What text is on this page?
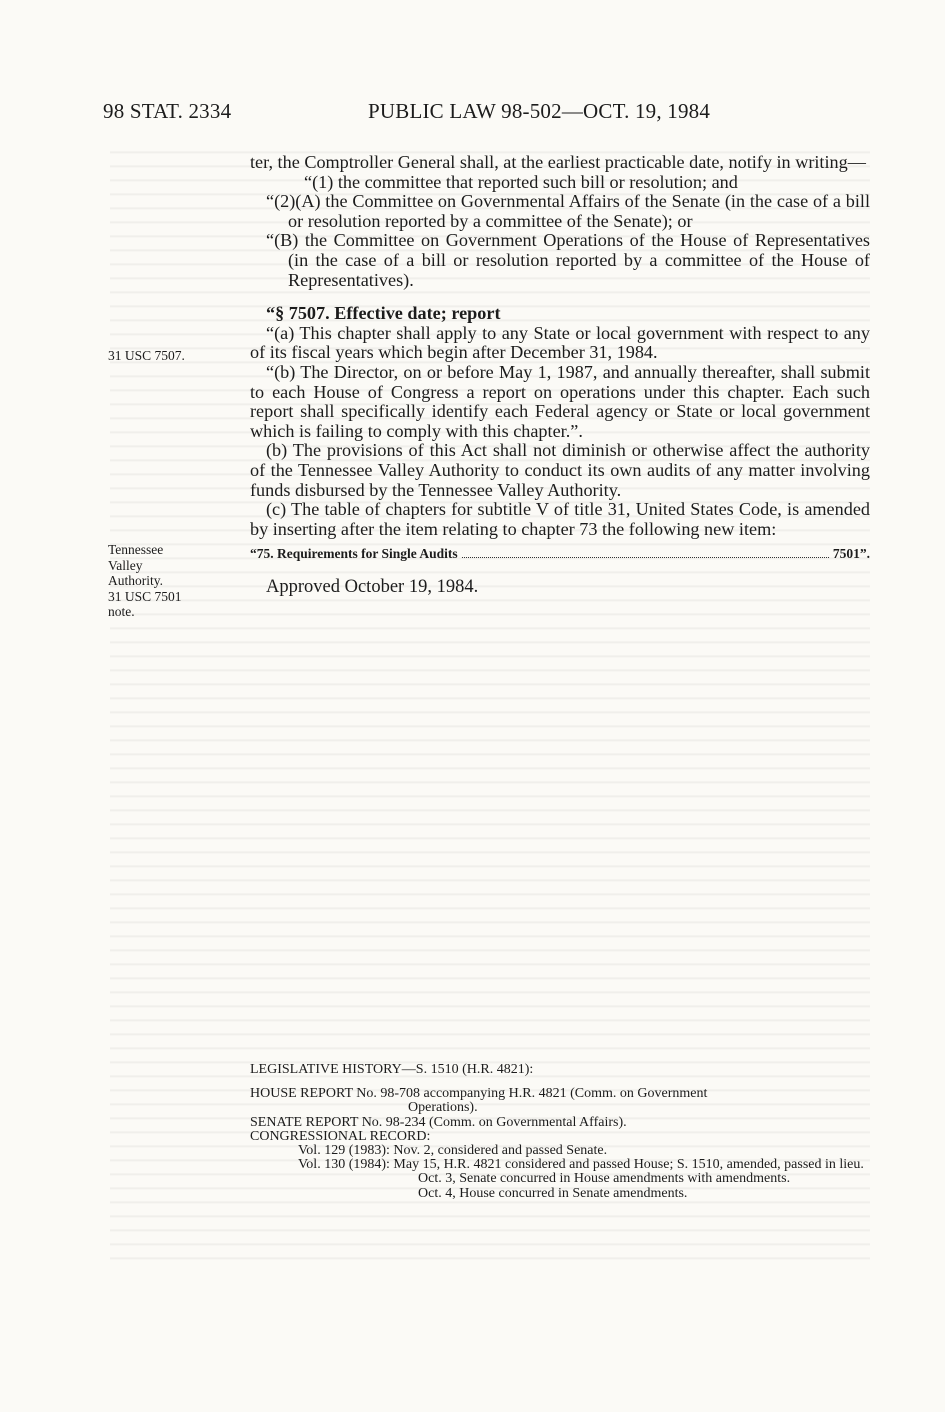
98 STAT. 2334	PUBLIC LAW 98-502—OCT. 19, 1984
31 USC 7507.
Tennessee
Valley
Authority.
31 USC 7501
note.

ter, the Comptroller General shall, at the earliest practicable date, notify in writing—

“(1) the committee that reported such bill or resolution; and

“(2)(A) the Committee on Governmental Affairs of the Senate (in the case of a bill or resolution reported by a committee of the Senate); or

“(B) the Committee on Government Operations of the House of Representatives (in the case of a bill or resolution reported by a committee of the House of Representatives).

“§ 7507. Effective date; report

“(a) This chapter shall apply to any State or local government with respect to any of its fiscal years which begin after December 31, 1984.

“(b) The Director, on or before May 1, 1987, and annually thereafter, shall submit to each House of Congress a report on operations under this chapter. Each such report shall specifically identify each Federal agency or State or local government which is failing to comply with this chapter.”.

(b) The provisions of this Act shall not diminish or otherwise affect the authority of the Tennessee Valley Authority to conduct its own audits of any matter involving funds disbursed by the Tennessee Valley Authority.

(c) The table of chapters for subtitle V of title 31, United States Code, is amended by inserting after the item relating to chapter 73 the following new item:

“75. Requirements for Single Audits	7501”.

Approved October 19, 1984.

LEGISLATIVE HISTORY—S. 1510 (H.R. 4821):

HOUSE REPORT No. 98-708 accompanying H.R. 4821 (Comm. on Government

Operations).

SENATE REPORT No. 98-234 (Comm. on Governmental Affairs).

CONGRESSIONAL RECORD:

Vol. 129 (1983): Nov. 2, considered and passed Senate.

Vol. 130 (1984): May 15, H.R. 4821 considered and passed House; S. 1510, amended, passed in lieu.

Oct. 3, Senate concurred in House amendments with amendments.

Oct. 4, House concurred in Senate amendments.
